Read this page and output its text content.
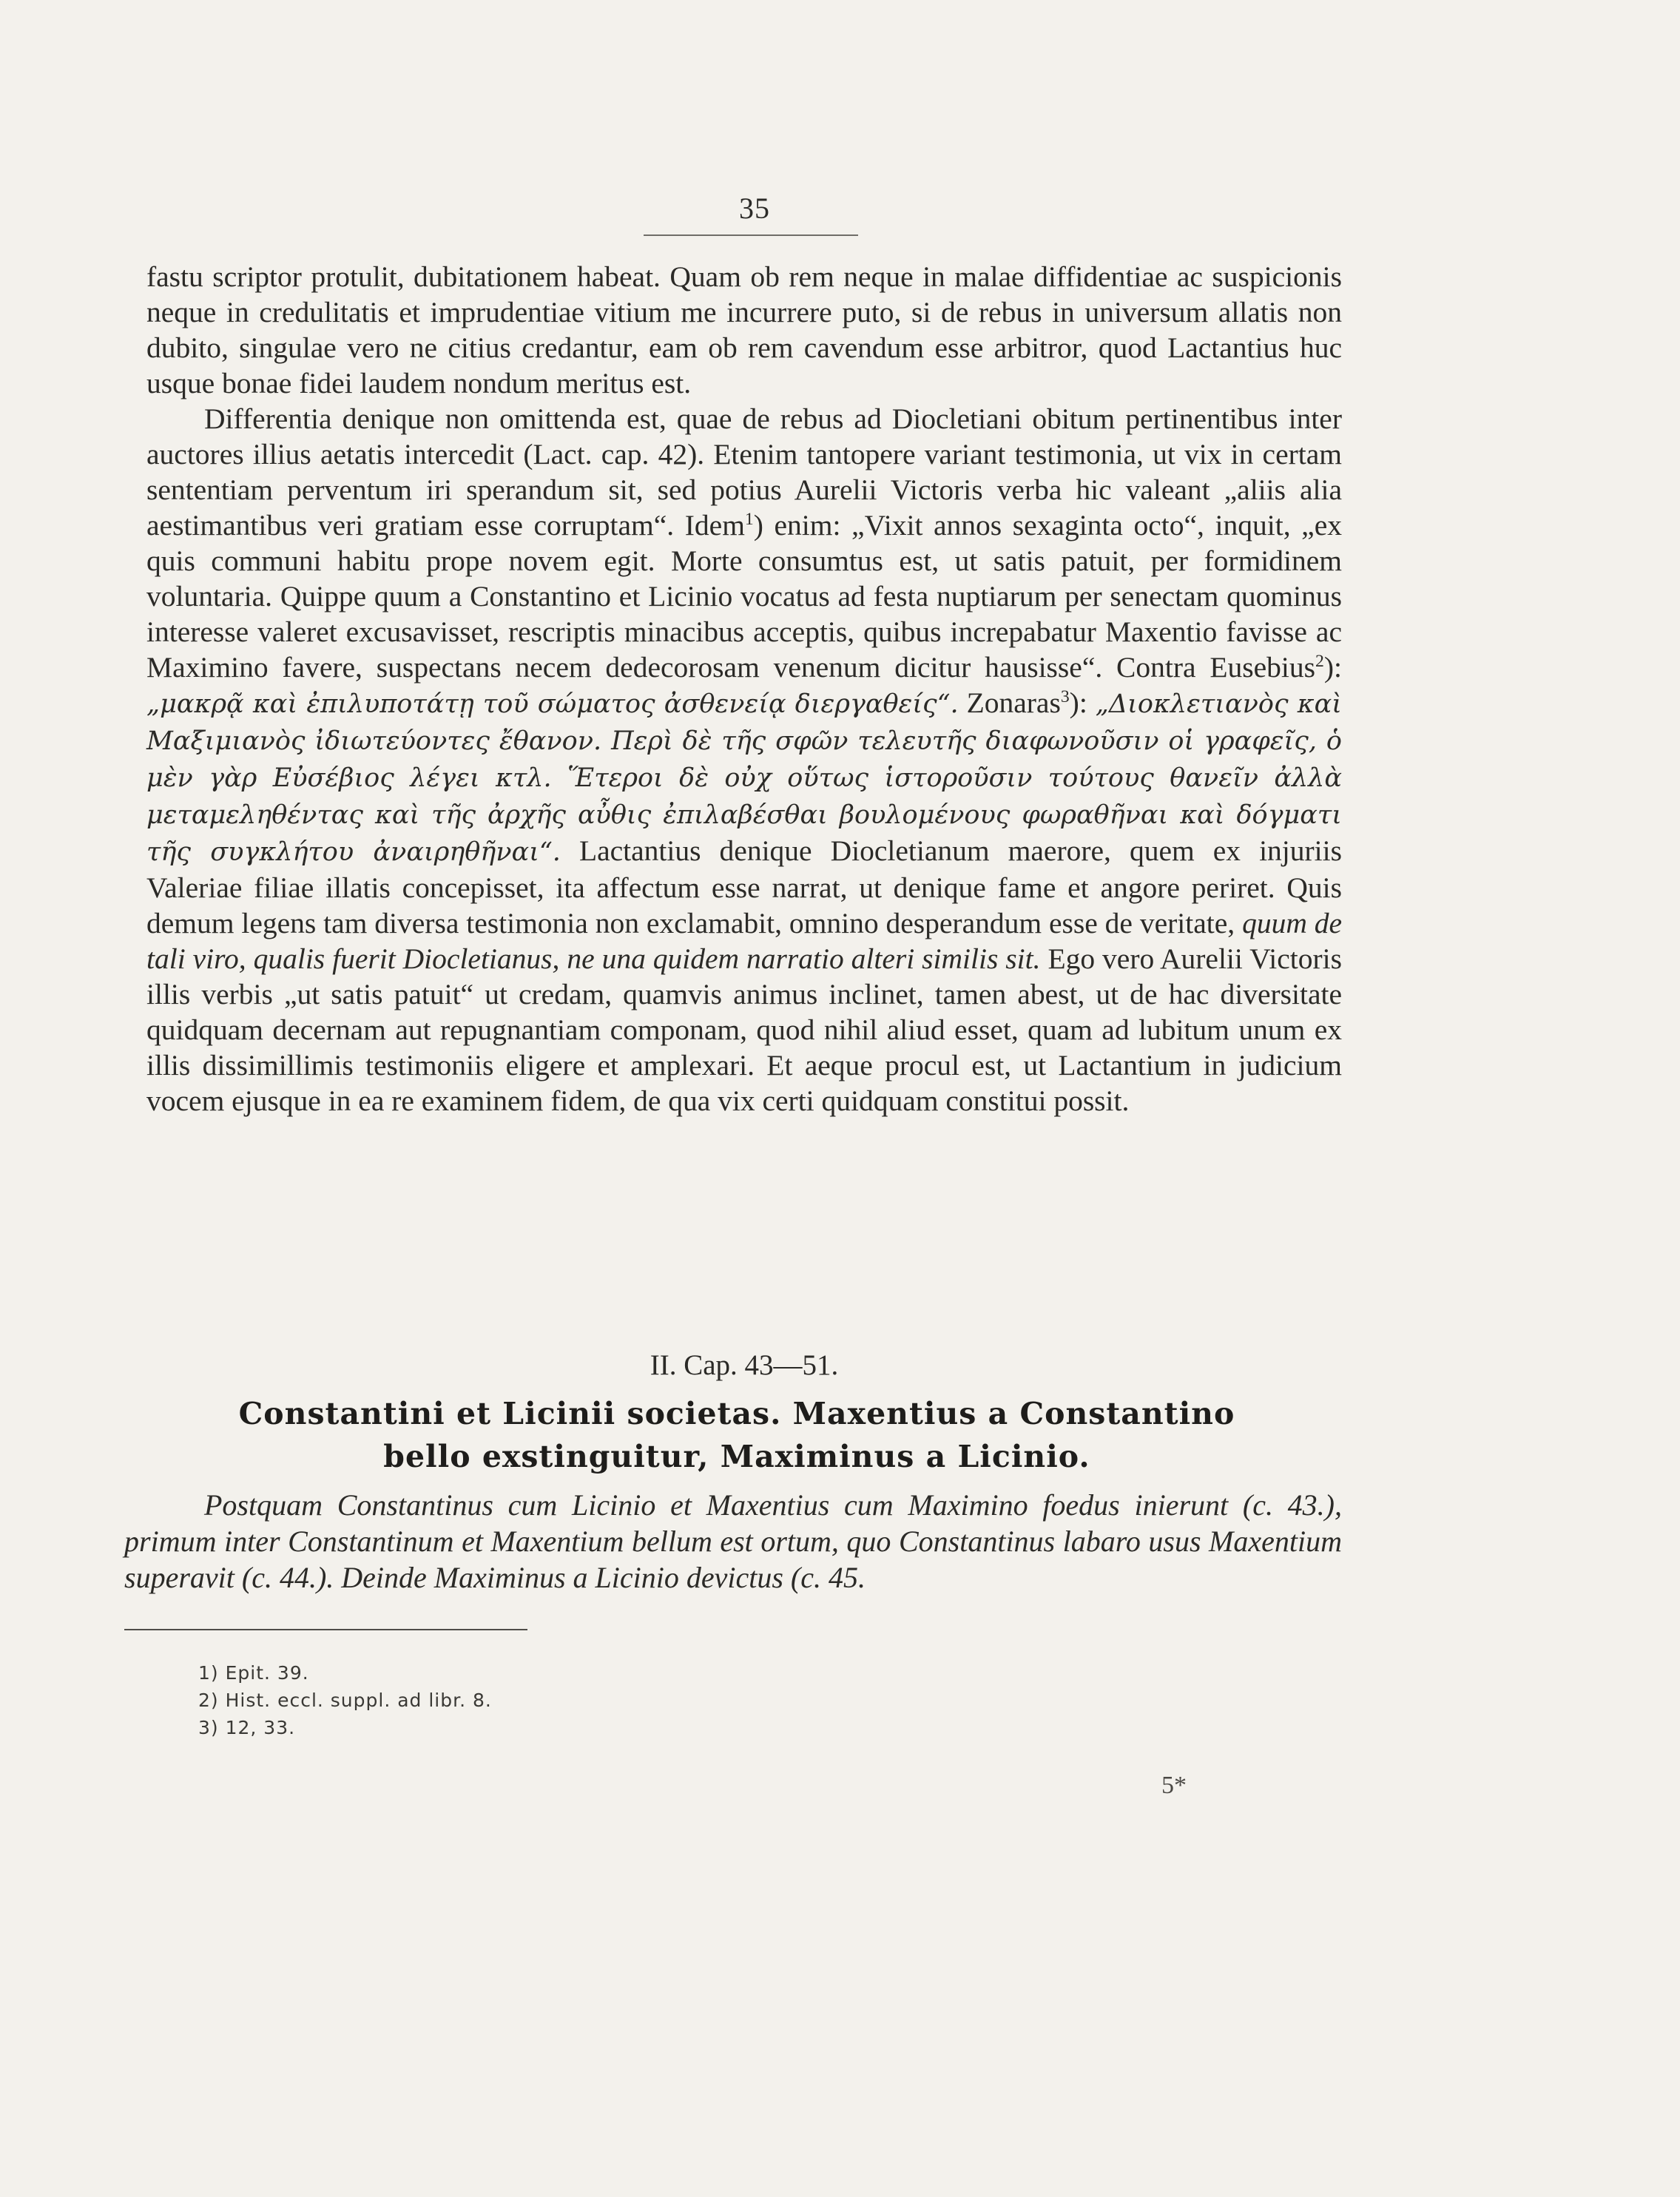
35

fastu scriptor protulit, dubitationem habeat. Quam ob rem neque in malae diffidentiae ac suspicionis neque in credulitatis et imprudentiae vitium me incurrere puto, si de rebus in universum allatis non dubito, singulae vero ne citius credantur, eam ob rem cavendum esse arbitror, quod Lactantius huc usque bonae fidei laudem nondum meritus est.

Differentia denique non omittenda est, quae de rebus ad Diocletiani obitum pertinentibus inter auctores illius aetatis intercedit (Lact. cap. 42). Etenim tantopere variant testimonia, ut vix in certam sententiam perventum iri sperandum sit, sed potius Aurelii Victoris verba hic valeant „aliis alia aestimantibus veri gratiam esse corruptam“. Idem$^1$) enim: „Vixit annos sexaginta octo“, inquit, „ex quis communi habitu prope novem egit. Morte consumtus est, ut satis patuit, per formidinem voluntaria. Quippe quum a Constantino et Licinio vocatus ad festa nuptiarum per senectam quominus interesse valeret excusavisset, rescriptis minacibus acceptis, quibus increpabatur Maxentio favisse ac Maximino favere, suspectans necem dedecorosam venenum dicitur hausisse“. Contra Eusebius$^2$): „μακρᾷ καὶ ἐπιλυποτάτῃ τοῦ σώματος ἀσθενείᾳ διεργαθείς“. Zonaras$^3$): „Διοκλετιανὸς καὶ Μαξιμιανὸς ἰδιωτεύοντες ἔθανον. Περὶ δὲ τῆς σφῶν τελευτῆς διαφωνοῦσιν οἱ γραφεῖς, ὁ μὲν γὰρ Εὐσέβιος λέγει κτλ. Ἕτεροι δὲ οὐχ οὕτως ἱστοροῦσιν τούτους θανεῖν ἀλλὰ μεταμεληθέντας καὶ τῆς ἀρχῆς αὖθις ἐπιλαβέσθαι βουλομένους φωραθῆναι καὶ δόγματι τῆς συγκλήτου ἀναιρηθῆναι“. Lactantius denique Diocletianum maerore, quem ex injuriis Valeriae filiae illatis concepisset, ita affectum esse narrat, ut denique fame et angore periret. Quis demum legens tam diversa testimonia non exclamabit, omnino desperandum esse de veritate, quum de tali viro, qualis fuerit Diocletianus, ne una quidem narratio alteri similis sit. Ego vero Aurelii Victoris illis verbis „ut satis patuit“ ut credam, quamvis animus inclinet, tamen abest, ut de hac diversitate quidquam decernam aut repugnantiam componam, quod nihil aliud esset, quam ad lubitum unum ex illis dissimillimis testimoniis eligere et amplexari. Et aeque procul est, ut Lactantium in judicium vocem ejusque in ea re examinem fidem, de qua vix certi quidquam constitui possit.

II. Cap. 43—51.
Constantini et Licinii societas. Maxentius a Constantino
bello exstinguitur, Maximinus a Licinio.

Postquam Constantinus cum Licinio et Maxentius cum Maximino foedus inierunt (c. 43.), primum inter Constantinum et Maxentium bellum est ortum, quo Constantinus labaro usus Maxentium superavit (c. 44.). Deinde Maximinus a Licinio devictus (c. 45.

1) Epit. 39.
2) Hist. eccl. suppl. ad libr. 8.
3) 12, 33.
5*
